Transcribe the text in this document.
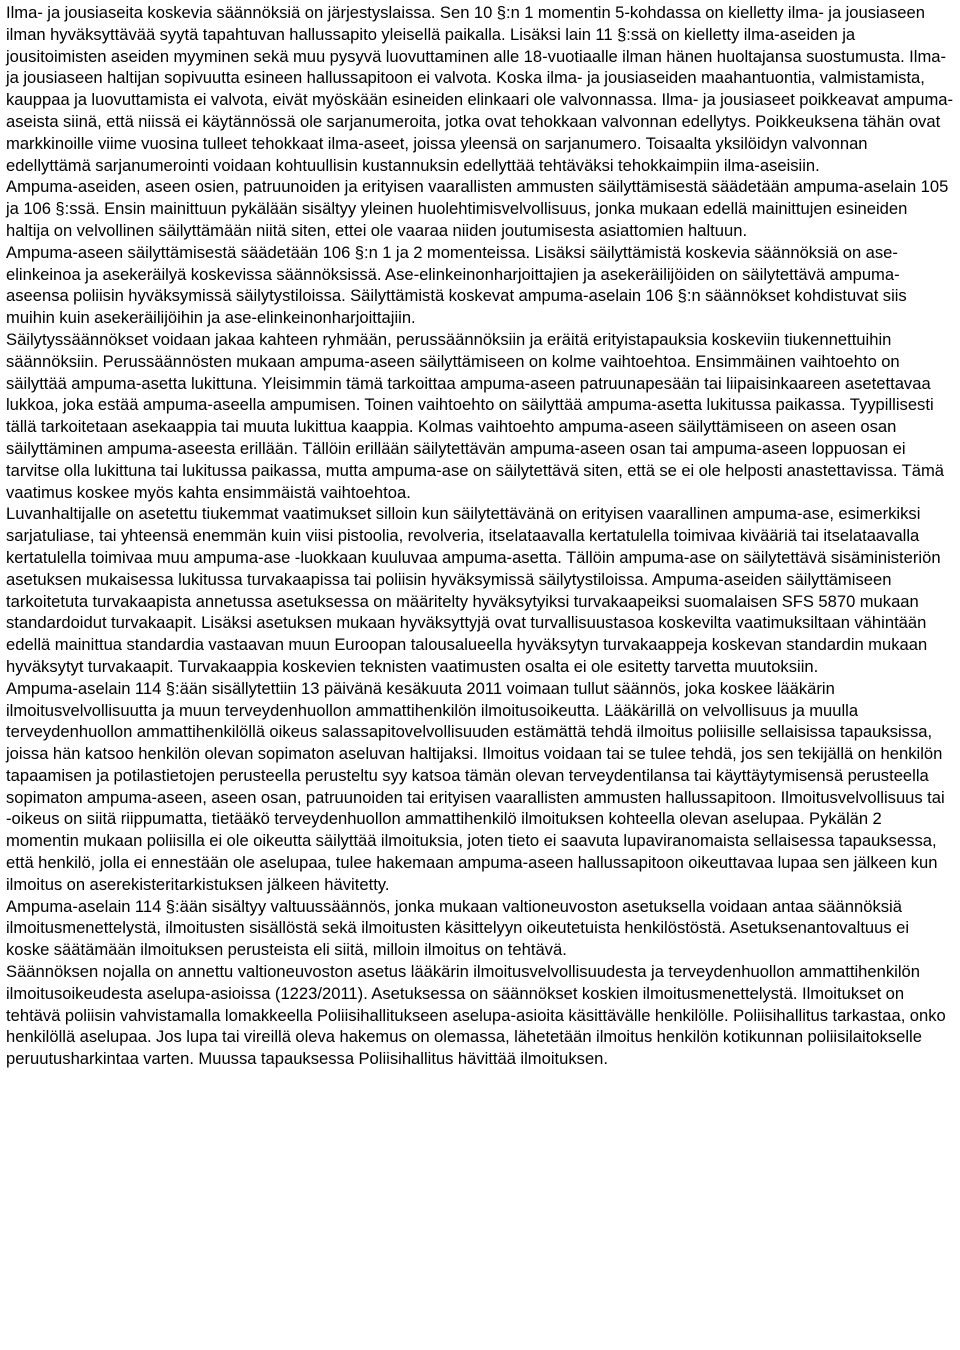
Ilma- ja jousiaseita koskevia säännöksiä on järjestyslaissa. Sen 10 §:n 1 momentin 5-kohdassa on kielletty ilma- ja jousiaseen ilman hyväksyttävää syytä tapahtuvan hallussapito yleisellä paikalla. Lisäksi lain 11 §:ssä on kielletty ilma-aseiden ja jousitoimisten aseiden myyminen sekä muu pysyvä luovuttaminen alle 18-vuotiaalle ilman hänen huoltajansa suostumusta. Ilma- ja jousiaseen haltijan sopivuutta esineen hallussapitoon ei valvota. Koska ilma- ja jousiaseiden maahantuontia, valmistamista, kauppaa ja luovuttamista ei valvota, eivät myöskään esineiden elinkaari ole valvonnassa. Ilma- ja jousiaseet poikkeavat ampuma-aseista siinä, että niissä ei käytännössä ole sarjanumeroita, jotka ovat tehokkaan valvonnan edellytys. Poikkeuksena tähän ovat markkinoille viime vuosina tulleet tehokkaat ilma-aseet, joissa yleensä on sarjanumero. Toisaalta yksilöidyn valvonnan edellyttämä sarjanumerointi voidaan kohtuullisin kustannuksin edellyttää tehtäväksi tehokkaimpiin ilma-aseisiin.

Ampuma-aseiden, aseen osien, patruunoiden ja erityisen vaarallisten ammusten säilyttämisestä säädetään ampuma-aselain 105 ja 106 §:ssä. Ensin mainittuun pykälään sisältyy yleinen huolehtimisvelvollisuus, jonka mukaan edellä mainittujen esineiden haltija on velvollinen säilyttämään niitä siten, ettei ole vaaraa niiden joutumisesta asiattomien haltuun.

Ampuma-aseen säilyttämisestä säädetään 106 §:n 1 ja 2 momenteissa. Lisäksi säilyttämistä koskevia säännöksiä on ase-elinkeinoa ja asekeräilyä koskevissa säännöksissä. Ase-elinkeinonharjoittajien ja asekeräilijöiden on säilytettävä ampuma-aseensa poliisin hyväksymissä säilytystiloissa. Säilyttämistä koskevat ampuma-aselain 106 §:n säännökset kohdistuvat siis muihin kuin asekeräilijöihin ja ase-elinkeinonharjoittajiin.

Säilytyssäännökset voidaan jakaa kahteen ryhmään, perussäännöksiin ja eräitä erityistapauksia koskeviin tiukennettuihin säännöksiin. Perussäännösten mukaan ampuma-aseen säilyttämiseen on kolme vaihtoehtoa. Ensimmäinen vaihtoehto on säilyttää ampuma-asetta lukittuna. Yleisimmin tämä tarkoittaa ampuma-aseen patruunapesään tai liipaisinkaareen asetettavaa lukkoa, joka estää ampuma-aseella ampumisen. Toinen vaihtoehto on säilyttää ampuma-asetta lukitussa paikassa. Tyypillisesti tällä tarkoitetaan asekaappia tai muuta lukittua kaappia. Kolmas vaihtoehto ampuma-aseen säilyttämiseen on aseen osan säilyttäminen ampuma-aseesta erillään. Tällöin erillään säilytettävän ampuma-aseen osan tai ampuma-aseen loppuosan ei tarvitse olla lukittuna tai lukitussa paikassa, mutta ampuma-ase on säilytettävä siten, että se ei ole helposti anastettavissa. Tämä vaatimus koskee myös kahta ensimmäistä vaihtoehtoa.

Luvanhaltijalle on asetettu tiukemmat vaatimukset silloin kun säilytettävänä on erityisen vaarallinen ampuma-ase, esimerkiksi sarjatuliase, tai yhteensä enemmän kuin viisi pistoolia, revolveria, itselataavalla kertatulella toimivaa kivääriä tai itselataavalla kertatulella toimivaa muu ampuma-ase -luokkaan kuuluvaa ampuma-asetta. Tällöin ampuma-ase on säilytettävä sisäministeriön asetuksen mukaisessa lukitussa turvakaapissa tai poliisin hyväksymissä säilytystiloissa. Ampuma-aseiden säilyttämiseen tarkoitetuta turvakaapista annetussa asetuksessa on määritelty hyväksytyiksi turvakaapeiksi suomalaisen SFS 5870 mukaan standardoidut turvakaapit. Lisäksi asetuksen mukaan hyväksyttyjä ovat turvallisuustasoa koskevilta vaatimuksiltaan vähintään edellä mainittua standardia vastaavan muun Euroopan talousalueella hyväksytyn turvakaappeja koskevan standardin mukaan hyväksytyt turvakaapit. Turvakaappia koskevien teknisten vaatimusten osalta ei ole esitetty tarvetta muutoksiin.

Ampuma-aselain 114 §:ään sisällytettiin 13 päivänä kesäkuuta 2011 voimaan tullut säännös, joka koskee lääkärin ilmoitusvelvollisuutta ja muun terveydenhuollon ammattihenkilön ilmoitusoikeutta. Lääkärillä on velvollisuus ja muulla terveydenhuollon ammattihenkilöllä oikeus salassapitovelvollisuuden estämättä tehdä ilmoitus poliisille sellaisissa tapauksissa, joissa hän katsoo henkilön olevan sopimaton aseluvan haltijaksi. Ilmoitus voidaan tai se tulee tehdä, jos sen tekijällä on henkilön tapaamisen ja potilastietojen perusteella perusteltu syy katsoa tämän olevan terveydentilansa tai käyttäytymisensä perusteella sopimaton ampuma-aseen, aseen osan, patruunoiden tai erityisen vaarallisten ammusten hallussapitoon. Ilmoitusvelvollisuus tai -oikeus on siitä riippumatta, tietääkö terveydenhuollon ammattihenkilö ilmoituksen kohteella olevan aselupaa. Pykälän 2 momentin mukaan poliisilla ei ole oikeutta säilyttää ilmoituksia, joten tieto ei saavuta lupaviranomaista sellaisessa tapauksessa, että henkilö, jolla ei ennestään ole aselupaa, tulee hakemaan ampuma-aseen hallussapitoon oikeuttavaa lupaa sen jälkeen kun ilmoitus on aserekisteritarkistuksen jälkeen hävitetty.

Ampuma-aselain 114 §:ään sisältyy valtuussäännös, jonka mukaan valtioneuvoston asetuksella voidaan antaa säännöksiä ilmoitusmenettelystä, ilmoitusten sisällöstä sekä ilmoitusten käsittelyyn oikeutetuista henkilöstöstä. Asetuksenantovaltuus ei koske säätämään ilmoituksen perusteista eli siitä, milloin ilmoitus on tehtävä.

Säännöksen nojalla on annettu valtioneuvoston asetus lääkärin ilmoitusvelvollisuudesta ja terveydenhuollon ammattihenkilön ilmoitusoikeudesta aselupa-asioissa (1223/2011). Asetuksessa on säännökset koskien ilmoitusmenettelystä. Ilmoitukset on tehtävä poliisin vahvistamalla lomakkeella Poliisihallitukseen aselupa-asioita käsittävälle henkilölle. Poliisihallitus tarkastaa, onko henkilöllä aselupaa. Jos lupa tai vireillä oleva hakemus on olemassa, lähetetään ilmoitus henkilön kotikunnan poliisilaitokselle peruutusharkintaa varten. Muussa tapauksessa Poliisihallitus hävittää ilmoituksen.
